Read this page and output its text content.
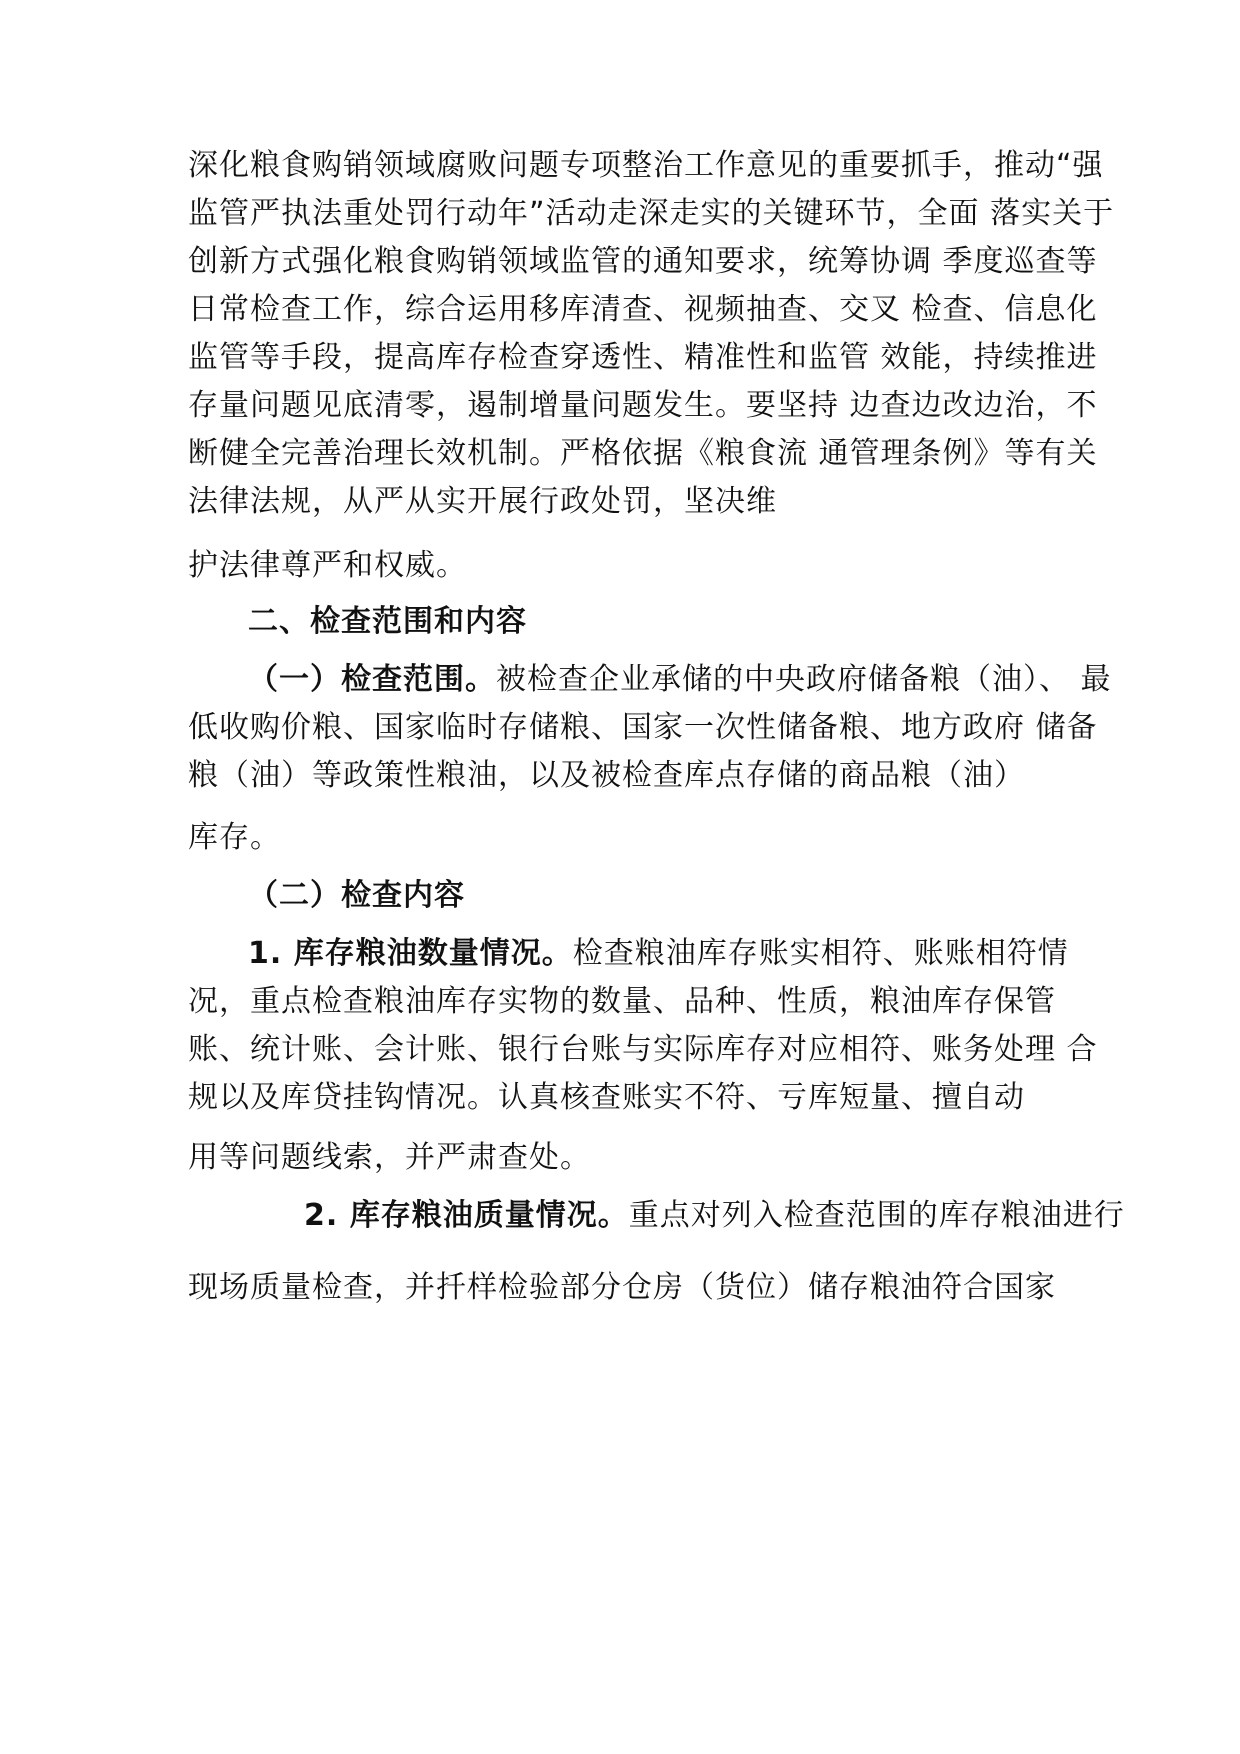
深化粮食购销领域腐败问题专项整治工作意见的重要抓手，推动“强
监管严执法重处罚行动年”活动走深走实的关键环节，全面 落实关于
创新方式强化粮食购销领域监管的通知要求，统筹协调 季度巡查等
日常检查工作，综合运用移库清查、视频抽查、交叉 检查、信息化
监管等手段，提高库存检查穿透性、精准性和监管 效能，持续推进
存量问题见底清零，遏制增量问题发生。要坚持 边查边改边治，不
断健全完善治理长效机制。严格依据《粮食流 通管理条例》等有关
法律法规，从严从实开展行政处罚，坚决维
护法律尊严和权威。
二、检查范围和内容
（一）检查范围。被检查企业承储的中央政府储备粮（油）、 最
低收购价粮、国家临时存储粮、国家一次性储备粮、地方政府 储备
粮（油）等政策性粮油，以及被检查库点存储的商品粮（油）
库存。
（二）检查内容
1. 库存粮油数量情况。检查粮油库存账实相符、账账相符情
况，重点检查粮油库存实物的数量、品种、性质，粮油库存保管
账、统计账、会计账、银行台账与实际库存对应相符、账务处理 合
规以及库贷挂钩情况。认真核查账实不符、亏库短量、擅自动
用等问题线索，并严肃查处。
2. 库存粮油质量情况。重点对列入检查范围的库存粮油进行
现场质量检查，并扦样检验部分仓房（货位）储存粮油符合国家
